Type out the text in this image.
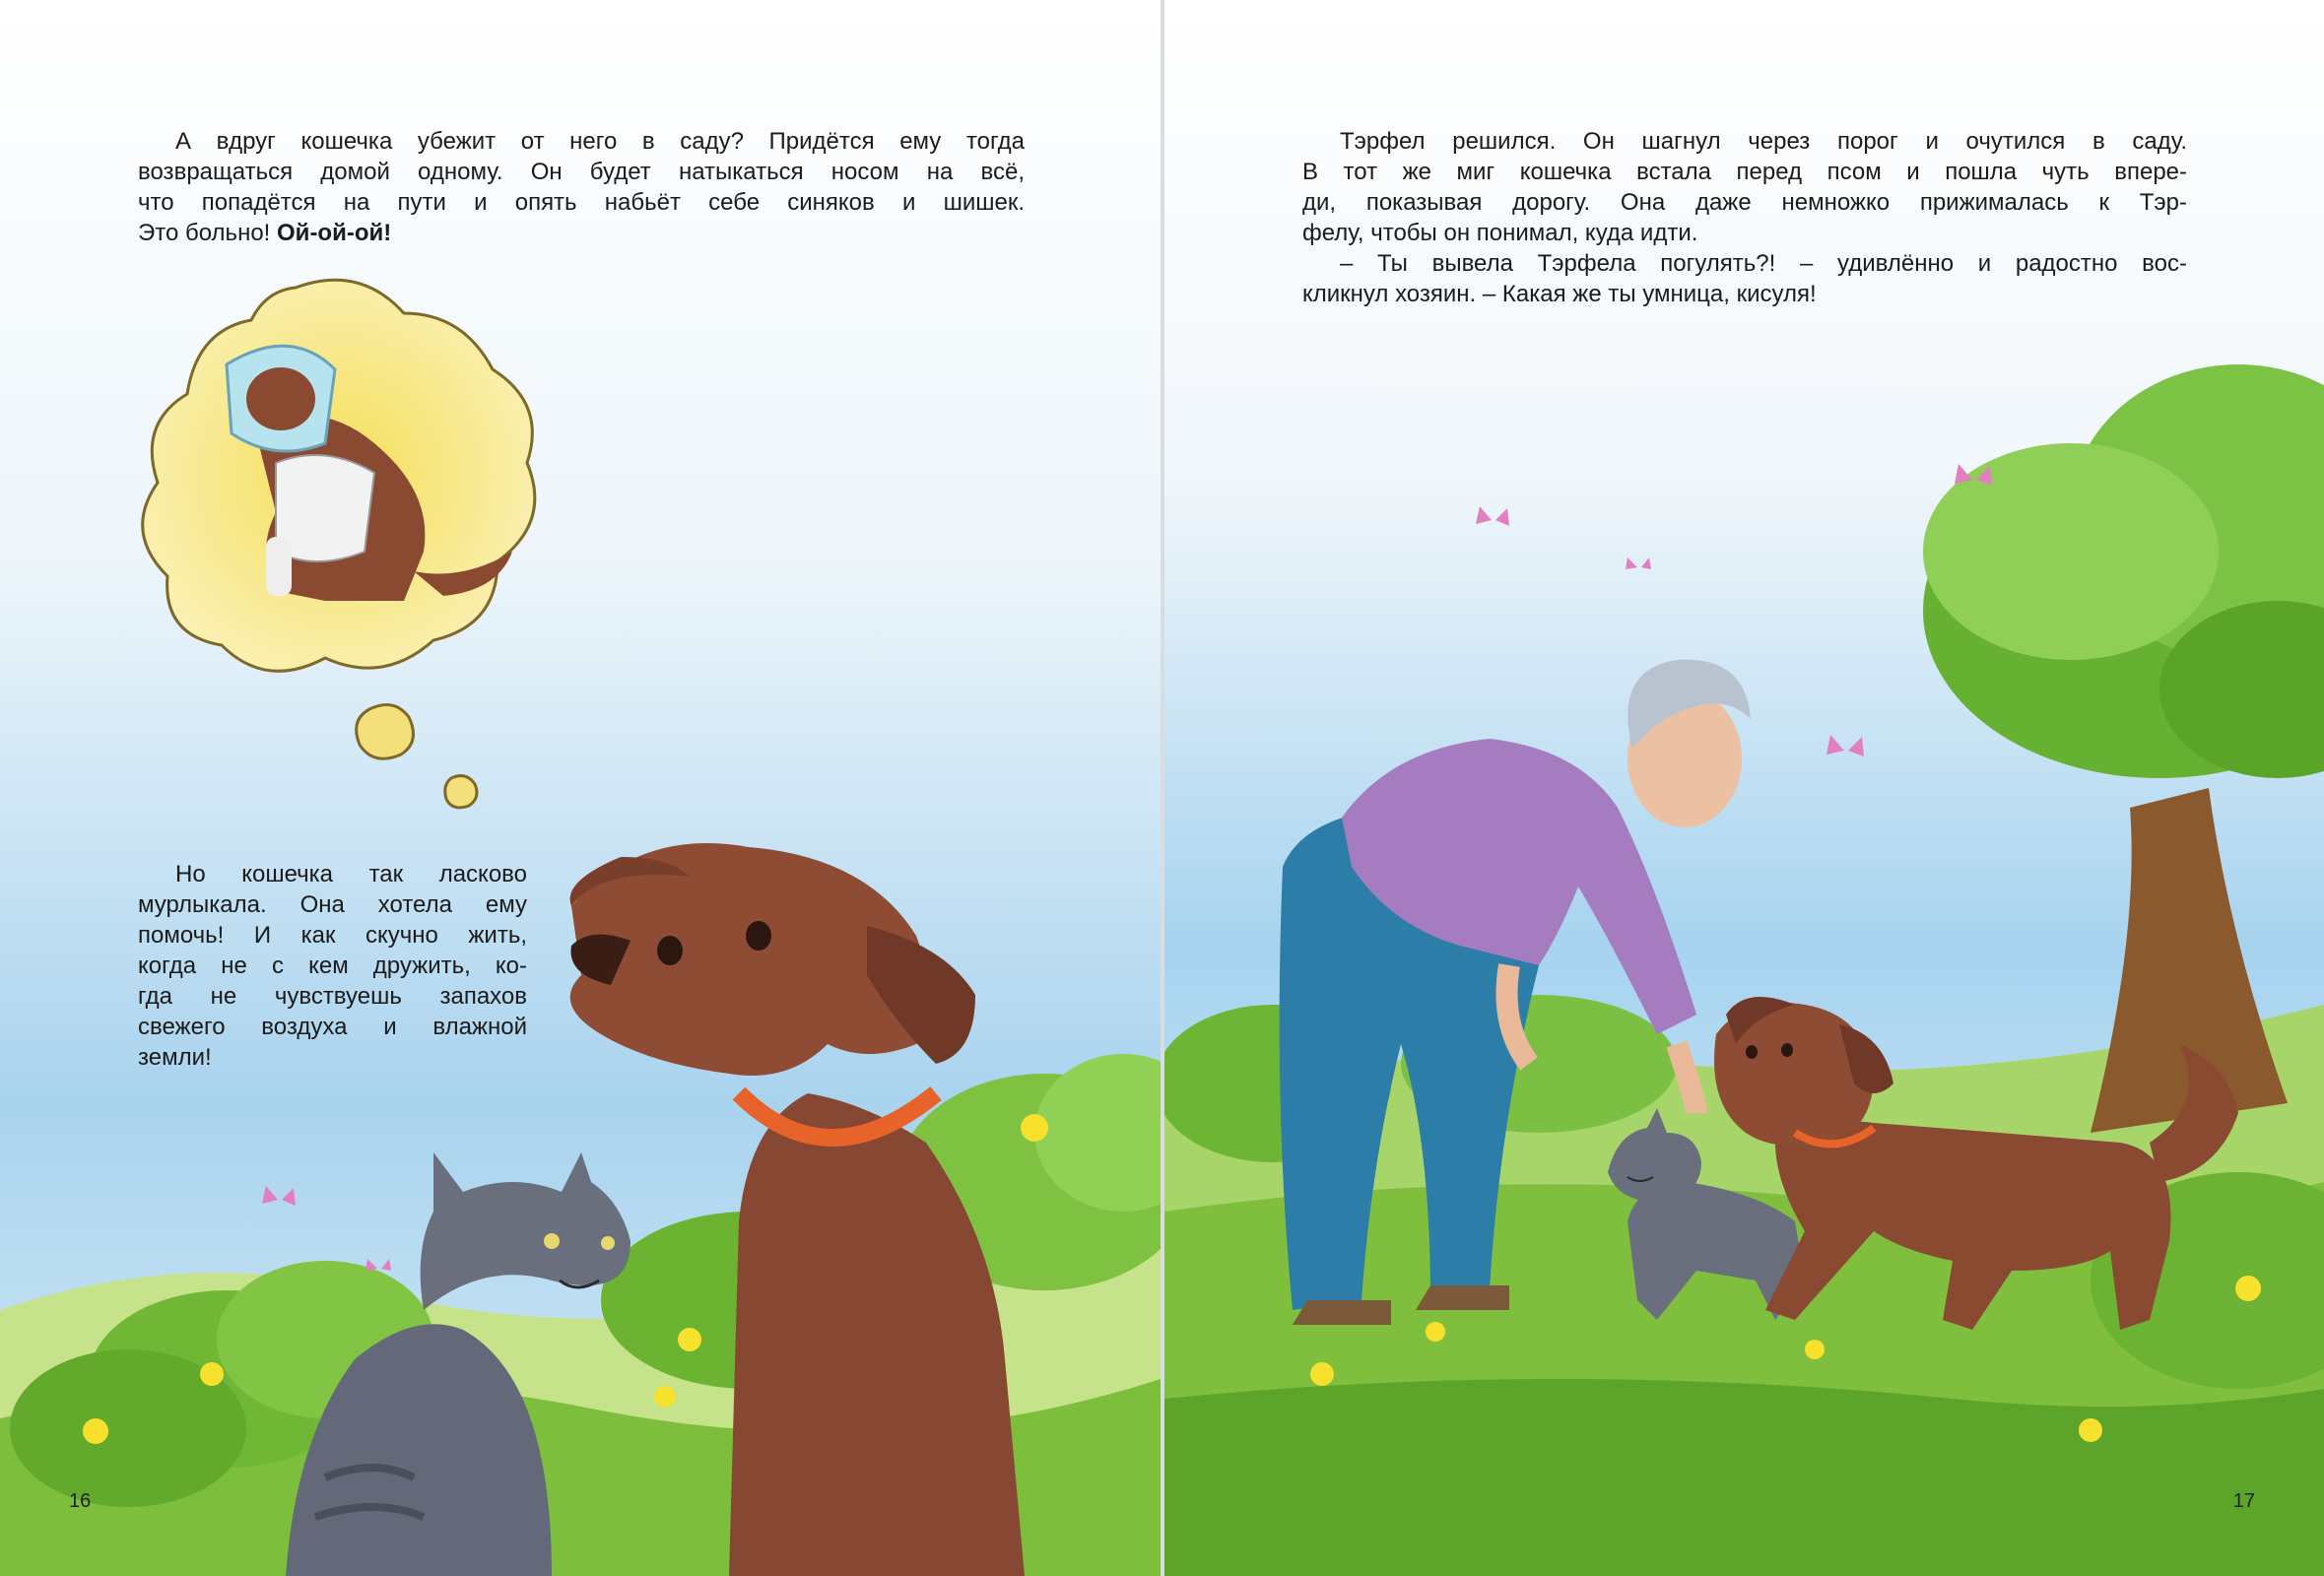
А вдруг кошечка убежит от него в саду? Придётся ему тогда

возвращаться домой одному. Он будет натыкаться носом на всё,

что попадётся на пути и опять набьёт себе синяков и шишек.

Это больно! Ой-ой-ой!

Но кошечка так ласково

мурлыкала. Она хотела ему

помочь! И как скучно жить,

когда не с кем дружить, ко-

гда не чувствуешь запахов

свежего воздуха и влажной

земли!

16

Тэрфел решился. Он шагнул через порог и очутился в саду.

В тот же миг кошечка встала перед псом и пошла чуть впере-

ди, показывая дорогу. Она даже немножко прижималась к Тэр-

фелу, чтобы он понимал, куда идти.

– Ты вывела Тэрфела погулять?! – удивлённо и радостно вос-

кликнул хозяин. – Какая же ты умница, кисуля!

17
